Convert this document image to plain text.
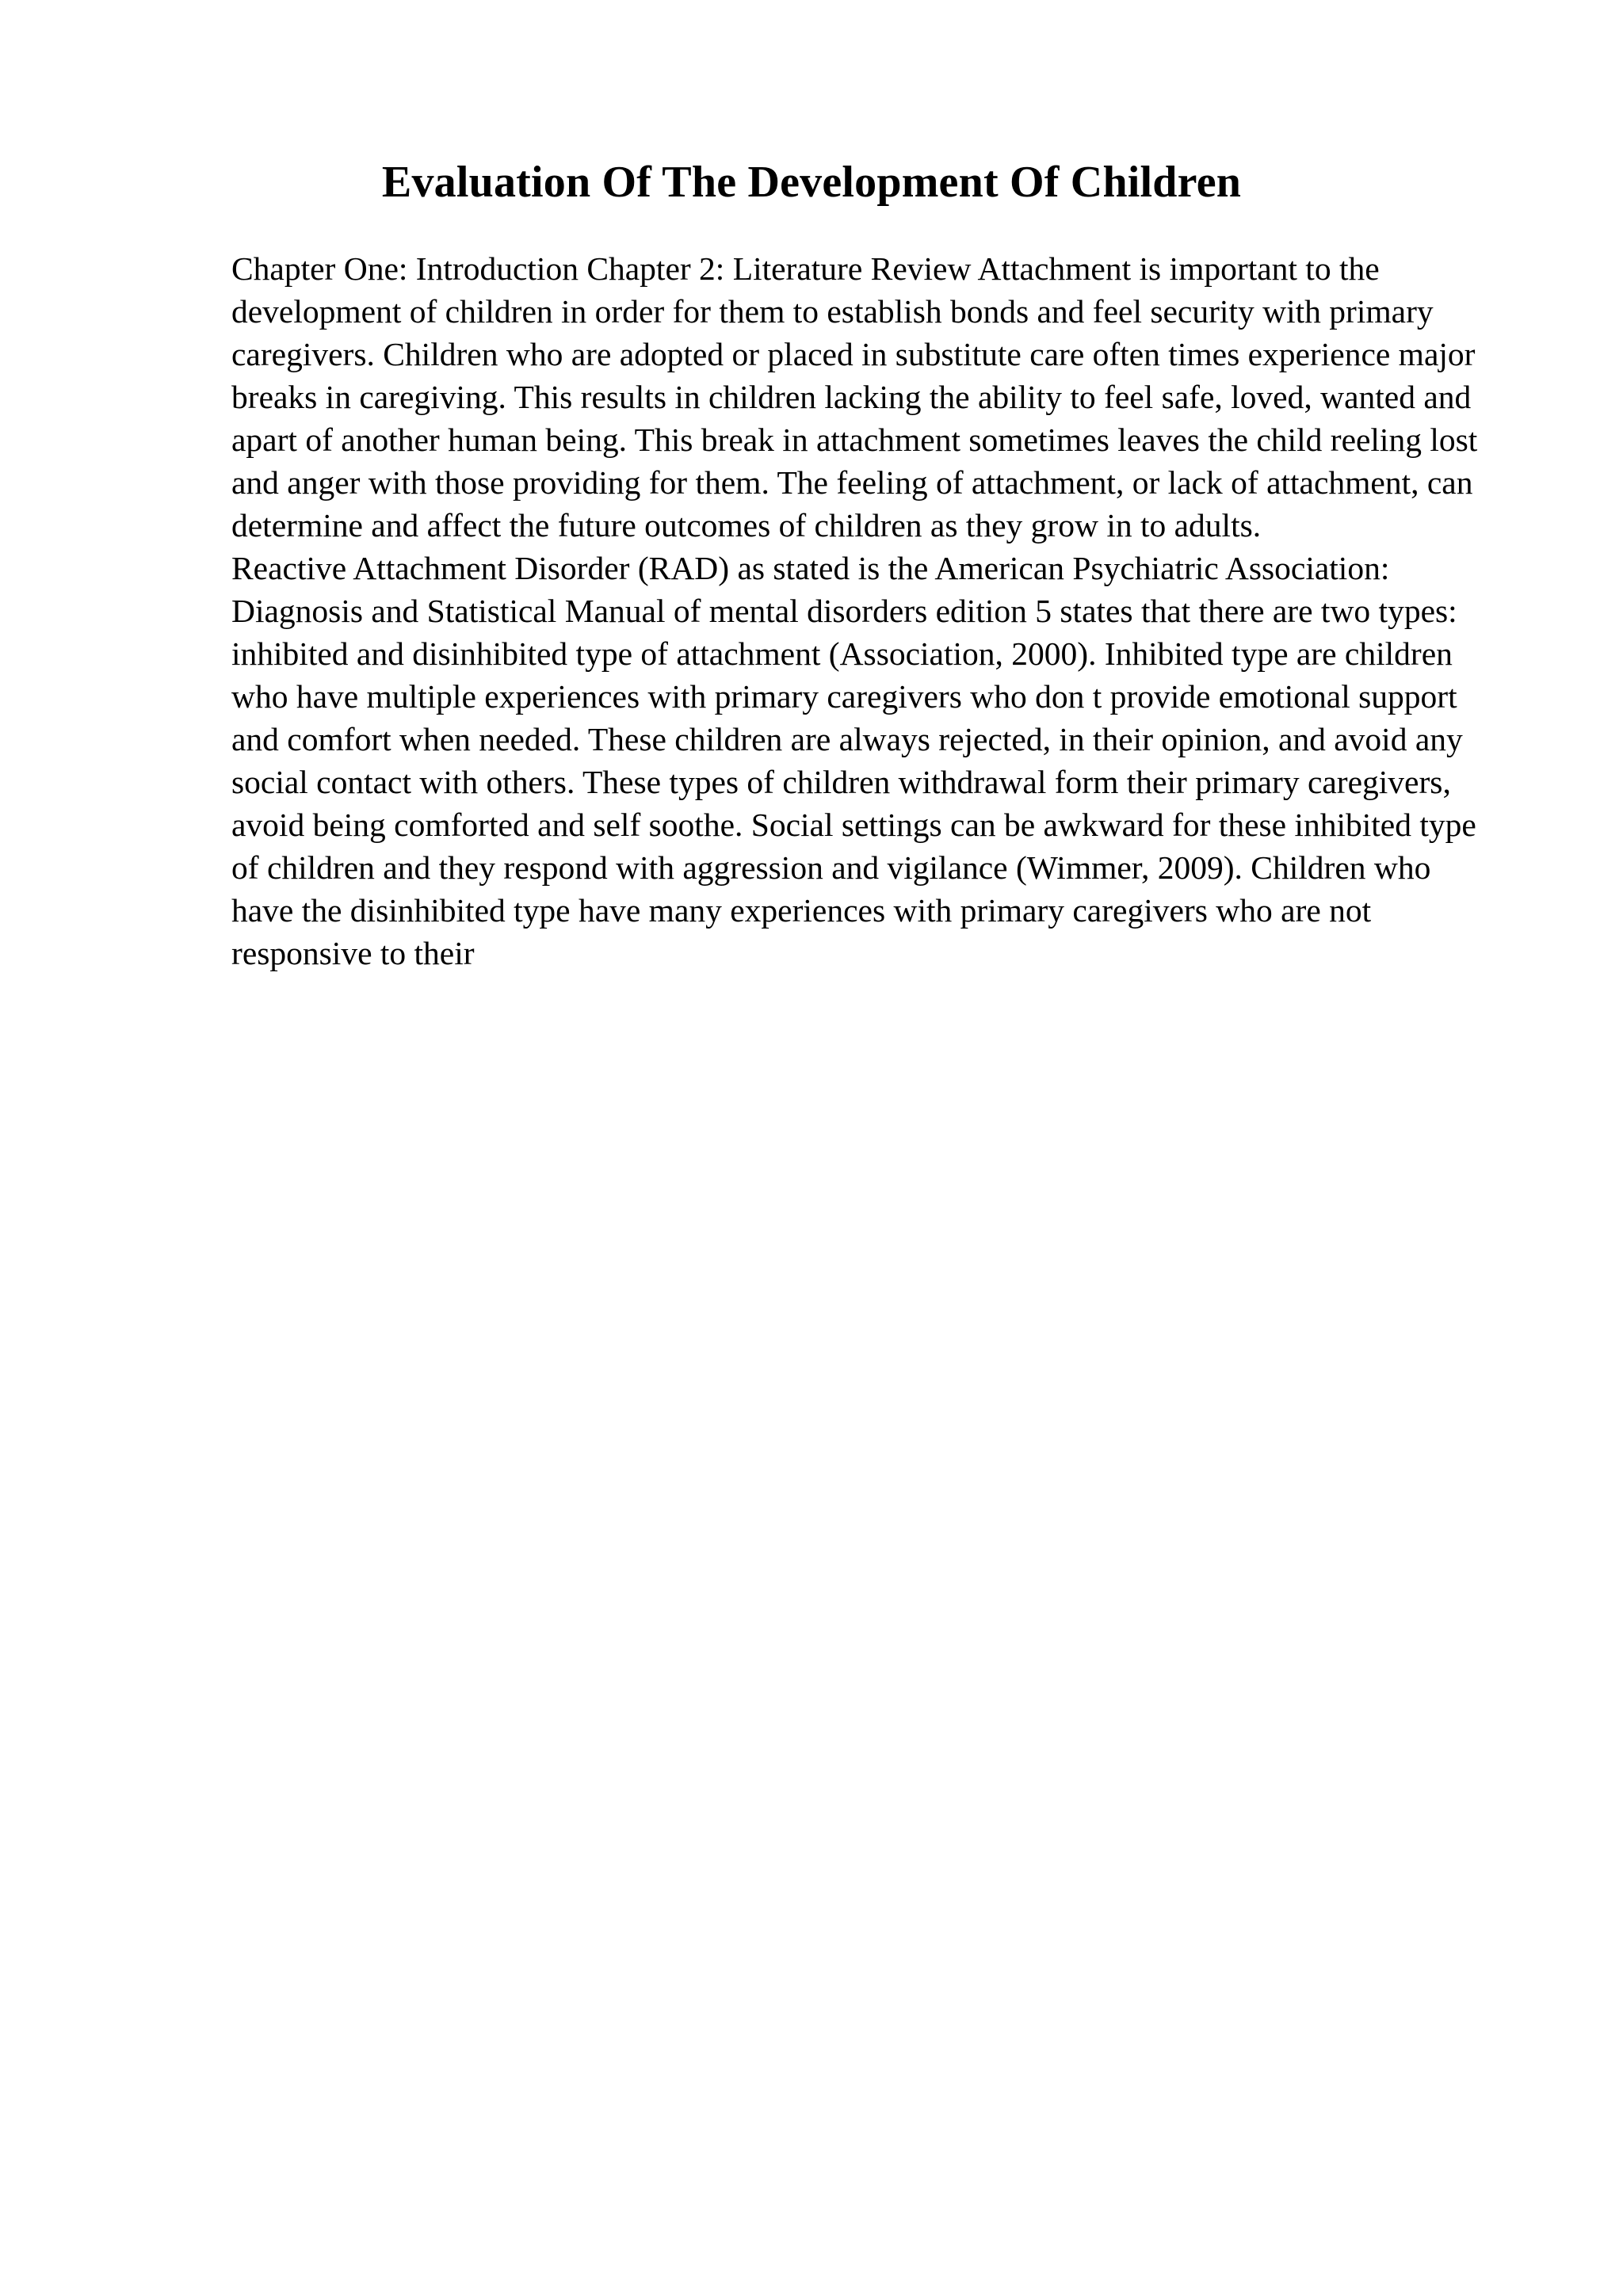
Evaluation Of The Development Of Children

Chapter One: Introduction Chapter 2: Literature Review Attachment is important to the development of children in order for them to establish bonds and feel security with primary caregivers. Children who are adopted or placed in substitute care often times experience major breaks in caregiving. This results in children lacking the ability to feel safe, loved, wanted and apart of another human being. This break in attachment sometimes leaves the child reeling lost and anger with those providing for them. The feeling of attachment, or lack of attachment, can determine and affect the future outcomes of children as they grow in to adults.

Reactive Attachment Disorder (RAD) as stated is the American Psychiatric Association: Diagnosis and Statistical Manual of mental disorders edition 5 states that there are two types: inhibited and disinhibited type of attachment (Association, 2000). Inhibited type are children who have multiple experiences with primary caregivers who don t provide emotional support and comfort when needed. These children are always rejected, in their opinion, and avoid any social contact with others. These types of children withdrawal form their primary caregivers, avoid being comforted and self soothe. Social settings can be awkward for these inhibited type of children and they respond with aggression and vigilance (Wimmer, 2009). Children who have the disinhibited type have many experiences with primary caregivers who are not responsive to their
